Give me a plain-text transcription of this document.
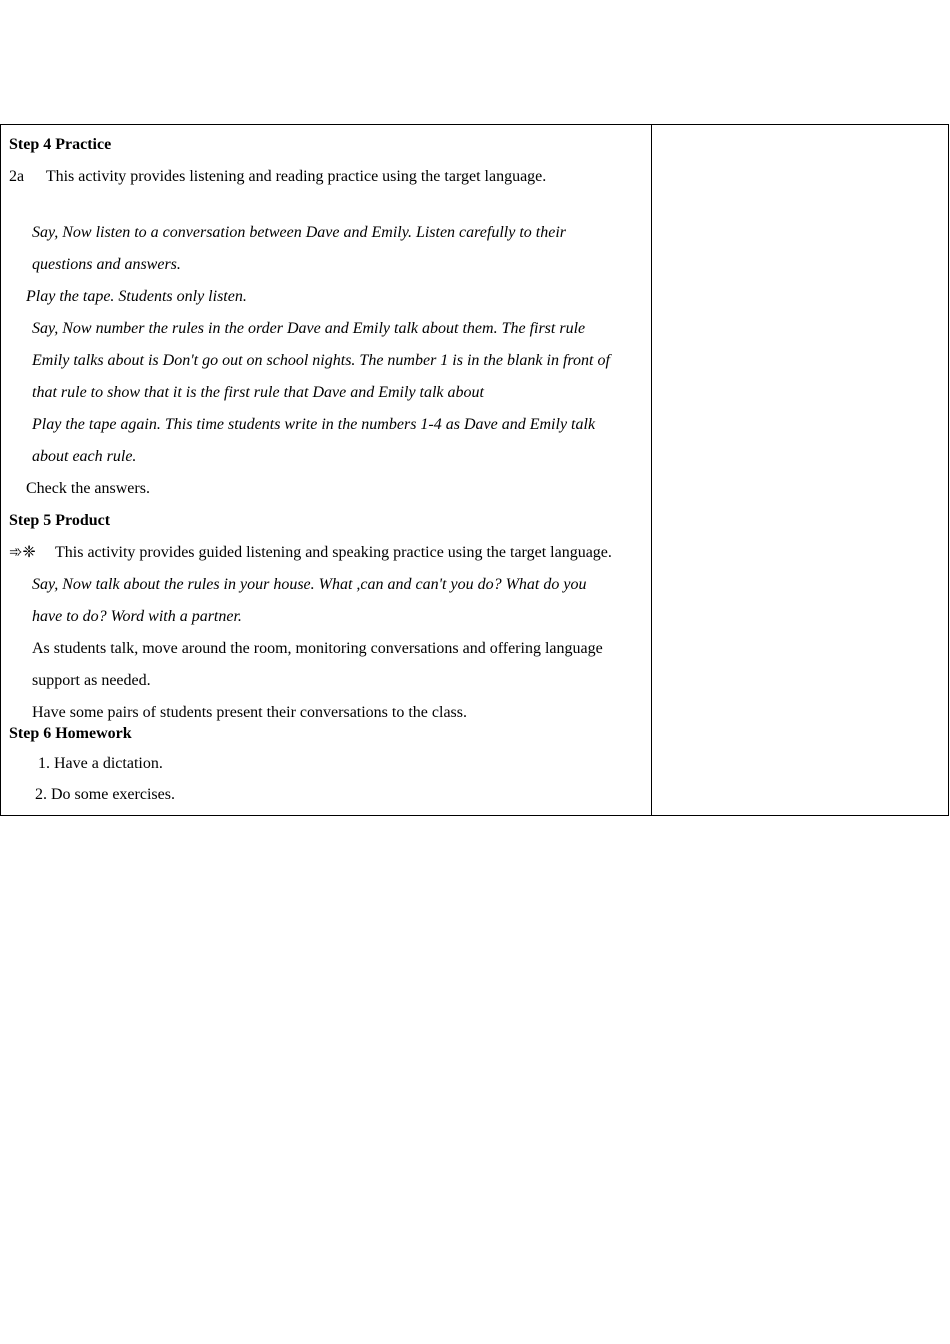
Step 4 Practice
2a This activity provides listening and reading practice using the target language.
Say, Now listen to a conversation between Dave and Emily. Listen carefully to their
questions and answers.
Play the tape. Students only listen.
Say, Now number the rules in the order Dave and Emily talk about them. The first rule
Emily talks about is Don't go out on school nights. The number 1 is in the blank in front of
that rule to show that it is the first rule that Dave and Emily talk about
Play the tape again. This time students write in the numbers 1-4 as Dave and Emily talk
about each rule.
Check the answers.
Step 5 Product
➾❈ This activity provides guided listening and speaking practice using the target language.
Say, Now talk about the rules in your house. What ,can and can't you do? What do you
have to do? Word with a partner.
As students talk, move around the room, monitoring conversations and offering language
support as needed.
Have some pairs of students present their conversations to the class.
Step 6 Homework
1. Have a dictation.
2. Do some exercises.
